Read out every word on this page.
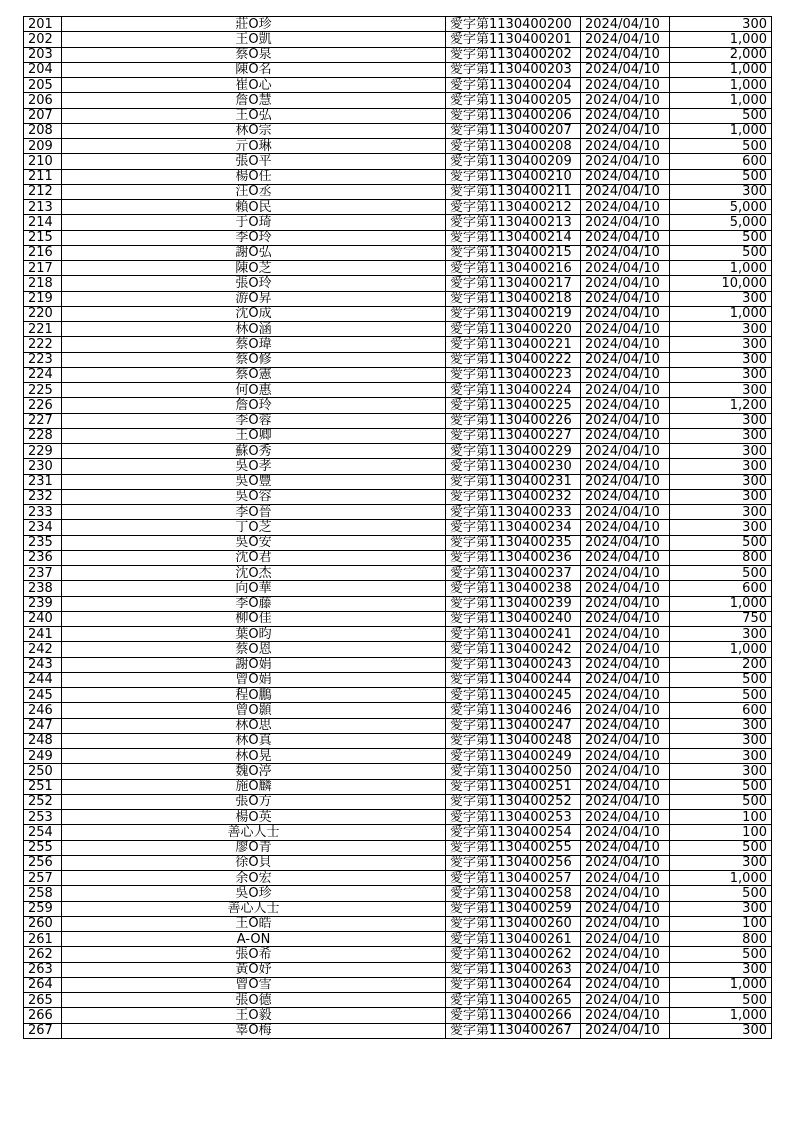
201	莊O珍	愛字第1130400200	2024/04/10	300
202	王O凱	愛字第1130400201	2024/04/10	1,000
203	蔡O泉	愛字第1130400202	2024/04/10	2,000
204	陳O名	愛字第1130400203	2024/04/10	1,000
205	崔O心	愛字第1130400204	2024/04/10	1,000
206	詹O慧	愛字第1130400205	2024/04/10	1,000
207	王O弘	愛字第1130400206	2024/04/10	500
208	林O宗	愛字第1130400207	2024/04/10	1,000
209	亓O琳	愛字第1130400208	2024/04/10	500
210	張O平	愛字第1130400209	2024/04/10	600
211	楊O任	愛字第1130400210	2024/04/10	500
212	汪O丞	愛字第1130400211	2024/04/10	300
213	賴O民	愛字第1130400212	2024/04/10	5,000
214	于O琦	愛字第1130400213	2024/04/10	5,000
215	李O玲	愛字第1130400214	2024/04/10	500
216	謝O弘	愛字第1130400215	2024/04/10	500
217	陳O芝	愛字第1130400216	2024/04/10	1,000
218	張O玲	愛字第1130400217	2024/04/10	10,000
219	游O昇	愛字第1130400218	2024/04/10	300
220	沈O成	愛字第1130400219	2024/04/10	1,000
221	林O涵	愛字第1130400220	2024/04/10	300
222	蔡O瑋	愛字第1130400221	2024/04/10	300
223	蔡O修	愛字第1130400222	2024/04/10	300
224	蔡O憲	愛字第1130400223	2024/04/10	300
225	何O惠	愛字第1130400224	2024/04/10	300
226	詹O玲	愛字第1130400225	2024/04/10	1,200
227	李O蓉	愛字第1130400226	2024/04/10	300
228	王O卿	愛字第1130400227	2024/04/10	300
229	蘇O秀	愛字第1130400229	2024/04/10	300
230	吳O孝	愛字第1130400230	2024/04/10	300
231	吳O豐	愛字第1130400231	2024/04/10	300
232	吳O容	愛字第1130400232	2024/04/10	300
233	李O晉	愛字第1130400233	2024/04/10	300
234	丁O芝	愛字第1130400234	2024/04/10	300
235	吳O安	愛字第1130400235	2024/04/10	500
236	沈O君	愛字第1130400236	2024/04/10	800
237	沈O杰	愛字第1130400237	2024/04/10	500
238	向O華	愛字第1130400238	2024/04/10	600
239	李O藤	愛字第1130400239	2024/04/10	1,000
240	柳O佳	愛字第1130400240	2024/04/10	750
241	葉O昀	愛字第1130400241	2024/04/10	300
242	蔡O恩	愛字第1130400242	2024/04/10	1,000
243	謝O娟	愛字第1130400243	2024/04/10	200
244	曾O娟	愛字第1130400244	2024/04/10	500
245	程O鵬	愛字第1130400245	2024/04/10	500
246	曾O顥	愛字第1130400246	2024/04/10	600
247	林O思	愛字第1130400247	2024/04/10	300
248	林O真	愛字第1130400248	2024/04/10	300
249	林O晃	愛字第1130400249	2024/04/10	300
250	魏O渟	愛字第1130400250	2024/04/10	300
251	施O麟	愛字第1130400251	2024/04/10	500
252	張O方	愛字第1130400252	2024/04/10	500
253	楊O英	愛字第1130400253	2024/04/10	100
254	善心人士	愛字第1130400254	2024/04/10	100
255	廖O青	愛字第1130400255	2024/04/10	500
256	徐O貝	愛字第1130400256	2024/04/10	300
257	余O宏	愛字第1130400257	2024/04/10	1,000
258	吳O珍	愛字第1130400258	2024/04/10	500
259	善心人士	愛字第1130400259	2024/04/10	300
260	王O皓	愛字第1130400260	2024/04/10	100
261	A-ON	愛字第1130400261	2024/04/10	800
262	張O希	愛字第1130400262	2024/04/10	500
263	黃O妤	愛字第1130400263	2024/04/10	300
264	曾O雪	愛字第1130400264	2024/04/10	1,000
265	張O德	愛字第1130400265	2024/04/10	500
266	王O毅	愛字第1130400266	2024/04/10	1,000
267	辜O梅	愛字第1130400267	2024/04/10	300
